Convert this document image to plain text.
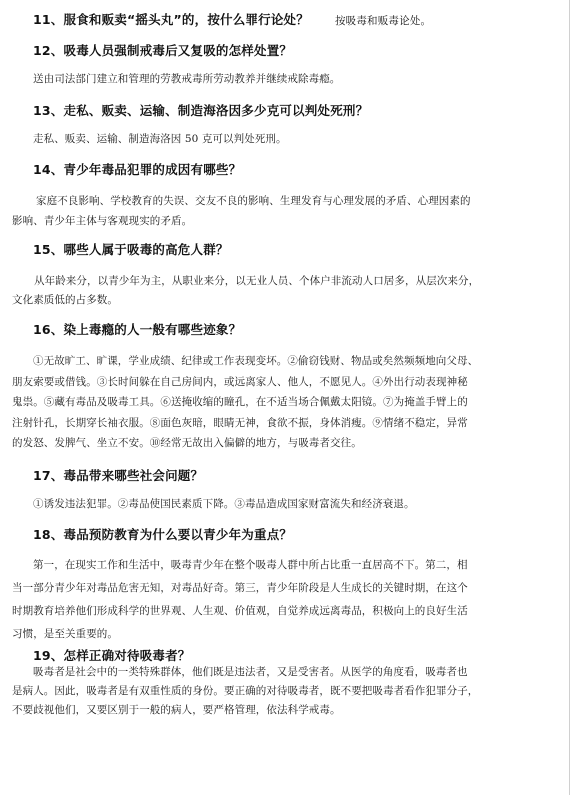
11、服食和贩卖“摇头丸”的，按什么罪行论处？ 按吸毒和贩毒论处。

12、吸毒人员强制戒毒后又复吸的怎样处置？

送由司法部门建立和管理的劳教戒毒所劳动教养并继续戒除毒瘾。

13、走私、贩卖、运输、制造海洛因多少克可以判处死刑？

走私、贩卖、运输、制造海洛因 50 克可以判处死刑。

14、青少年毒品犯罪的成因有哪些？

家庭不良影响、学校教育的失误、交友不良的影响、生理发育与心理发展的矛盾、心理因素的
影响、青少年主体与客观现实的矛盾。

15、哪些人属于吸毒的高危人群？

从年龄来分，以青少年为主，从职业来分，以无业人员、个体户非流动人口居多，从层次来分，
文化素质低的占多数。

16、染上毒瘾的人一般有哪些迹象？

①无故旷工、旷课，学业成绩、纪律或工作表现变坏。②偷窃钱财、物品或矣然频频地向父母、
朋友索要或借钱。③长时间躲在自己房间内，或远离家人、他人，不愿见人。④外出行动表现神秘
鬼祟。⑤藏有毒品及吸毒工具。⑥送掩收缩的瞳孔，在不适当场合佩戴太阳镜。⑦为掩盖手臂上的
注射针孔，长期穿长袖衣服。⑧面色灰暗，眼睛无神，食欲不振，身体消瘦。⑨情绪不稳定，异常
的发怒、发脾气、坐立不安。⑩经常无故出入偏僻的地方，与吸毒者交往。

17、毒品带来哪些社会问题？

①诱发违法犯罪。②毒品使国民素质下降。③毒品造成国家财富流失和经济衰退。

18、毒品预防教育为什么要以青少年为重点？

第一，在现实工作和生活中，吸毒青少年在整个吸毒人群中所占比重一直居高不下。第二，相
当一部分青少年对毒品危害无知，对毒品好奇。第三，青少年阶段是人生成长的关键时期，在这个
时期教育培养他们形成科学的世界观、人生观、价值观，自觉养成远离毒品，积极向上的良好生活
习惯，是至关重要的。

19、怎样正确对待吸毒者？

吸毒者是社会中的一类特殊群体，他们既是违法者，又是受害者。从医学的角度看，吸毒者也
是病人。因此，吸毒者是有双重性质的身份。要正确的对待吸毒者，既不要把吸毒者看作犯罪分子，
不要歧视他们，又要区别于一般的病人，要严格管理，依法科学戒毒。
